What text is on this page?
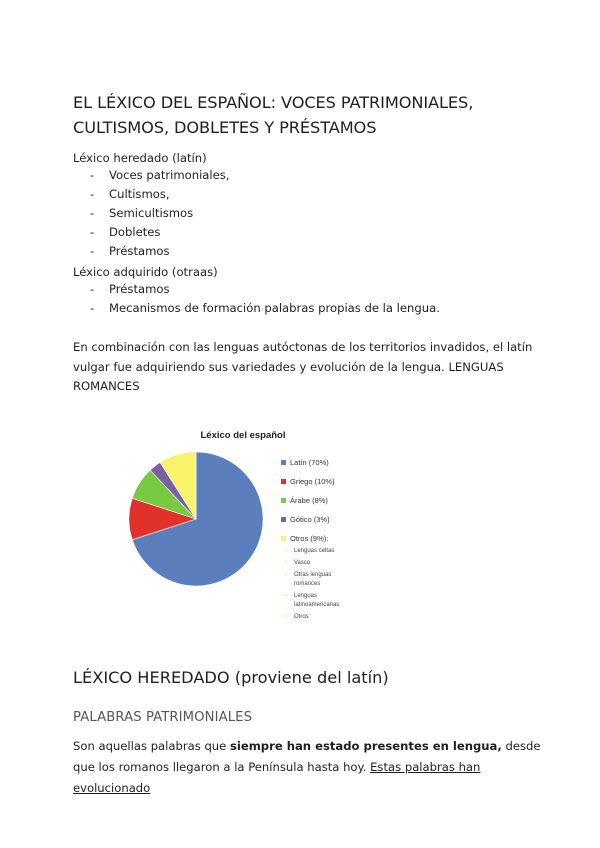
EL LÉXICO DEL ESPAÑOL: VOCES PATRIMONIALES, CULTISMOS, DOBLETES Y PRÉSTAMOS
Léxico heredado (latín)
- Voces patrimoniales,
- Cultismos,
- Semicultismos
- Dobletes
- Préstamos
Léxico adquirido (otraas)
- Préstamos
- Mecanismos de formación palabras propias de la lengua.
En combinación con las lenguas autóctonas de los territorios invadidos, el latín vulgar fue adquiriendo sus variedades y evolución de la lengua. LENGUAS ROMANCES
Léxico del español
Latín (70%)
Griego (10%)
Árabe (8%)
Gótico (3%)
Otros (9%):
Lenguas celtas
Vasco
Otras lenguas romances
Lenguas latinoamericanas
Otros
LÉXICO HEREDADO (proviene del latín)
PALABRAS PATRIMONIALES
Son aquellas palabras que siempre han estado presentes en lengua, desde que los romanos llegaron a la Península hasta hoy. Estas palabras han evolucionado
